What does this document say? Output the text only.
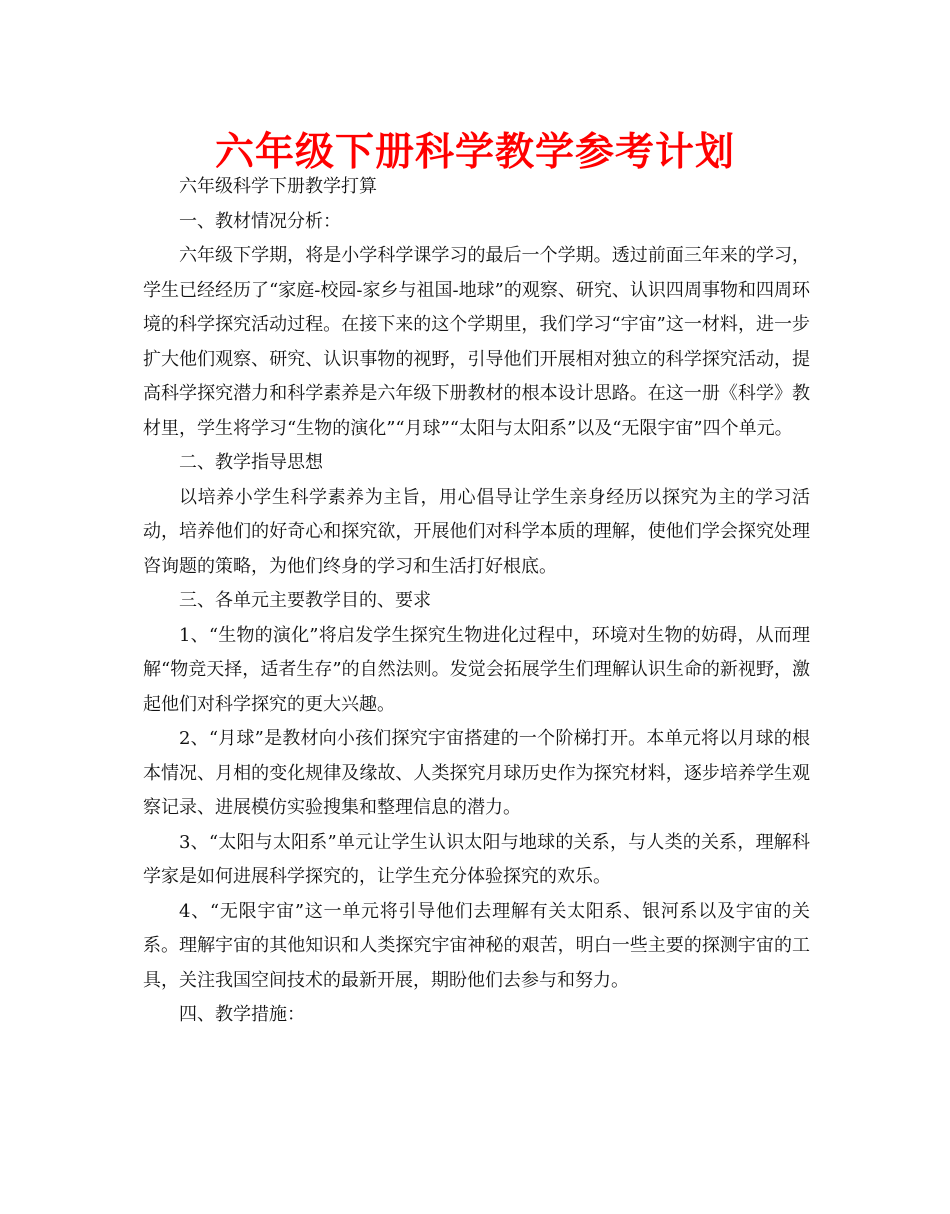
六年级下册科学教学参考计划

六年级科学下册教学打算

一、教材情况分析：

六年级下学期，将是小学科学课学习的最后一个学期。透过前面三年来的学习，学生已经经历了“家庭-校园-家乡与祖国-地球”的观察、研究、认识四周事物和四周环境的科学探究活动过程。在接下来的这个学期里，我们学习“宇宙”这一材料，进一步扩大他们观察、研究、认识事物的视野，引导他们开展相对独立的科学探究活动，提高科学探究潜力和科学素养是六年级下册教材的根本设计思路。在这一册《科学》教材里，学生将学习“生物的演化”“月球”“太阳与太阳系”以及“无限宇宙”四个单元。

二、教学指导思想

以培养小学生科学素养为主旨，用心倡导让学生亲身经历以探究为主的学习活动，培养他们的好奇心和探究欲，开展他们对科学本质的理解，使他们学会探究处理咨询题的策略，为他们终身的学习和生活打好根底。

三、各单元主要教学目的、要求

1、“生物的演化”将启发学生探究生物进化过程中，环境对生物的妨碍，从而理解“物竞天择，适者生存”的自然法则。发觉会拓展学生们理解认识生命的新视野，激起他们对科学探究的更大兴趣。

2、“月球”是教材向小孩们探究宇宙搭建的一个阶梯打开。本单元将以月球的根本情况、月相的变化规律及缘故、人类探究月球历史作为探究材料，逐步培养学生观察记录、进展模仿实验搜集和整理信息的潜力。

3、“太阳与太阳系”单元让学生认识太阳与地球的关系，与人类的关系，理解科学家是如何进展科学探究的，让学生充分体验探究的欢乐。

4、“无限宇宙”这一单元将引导他们去理解有关太阳系、银河系以及宇宙的关系。理解宇宙的其他知识和人类探究宇宙神秘的艰苦，明白一些主要的探测宇宙的工具，关注我国空间技术的最新开展，期盼他们去参与和努力。

四、教学措施：
